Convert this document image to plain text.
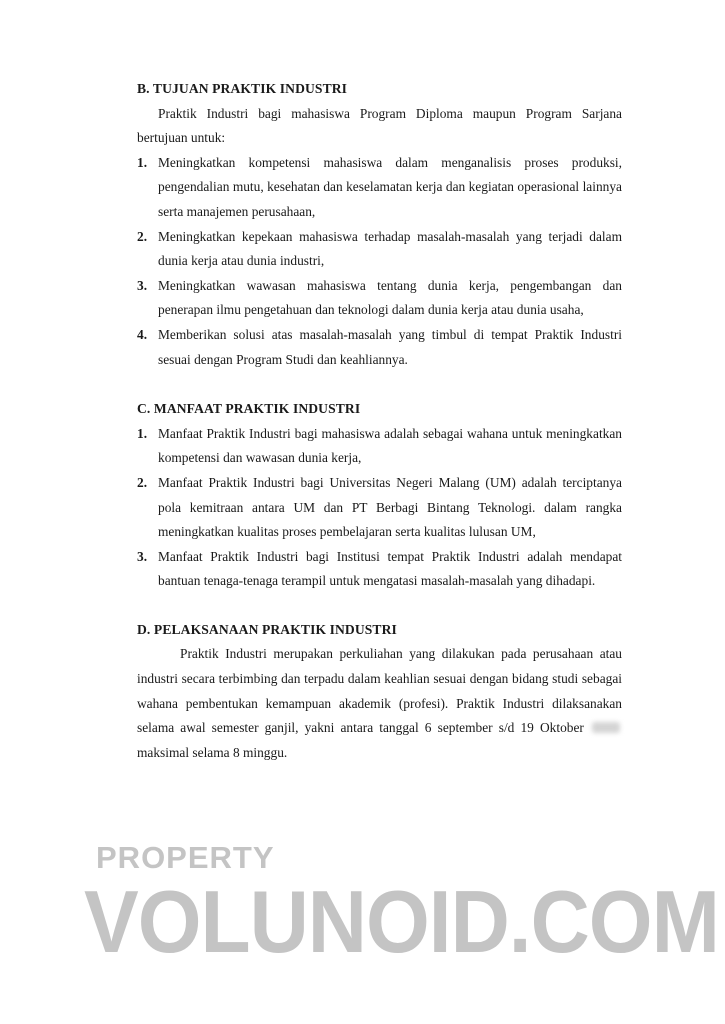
B. TUJUAN PRAKTIK INDUSTRI

Praktik Industri bagi mahasiswa Program Diploma maupun Program Sarjana bertujuan untuk:

1. Meningkatkan kompetensi mahasiswa dalam menganalisis proses produksi, pengendalian mutu, kesehatan dan keselamatan kerja dan kegiatan operasional lainnya serta manajemen perusahaan,
2. Meningkatkan kepekaan mahasiswa terhadap masalah-masalah yang terjadi dalam dunia kerja atau dunia industri,
3. Meningkatkan wawasan mahasiswa tentang dunia kerja, pengembangan dan penerapan ilmu pengetahuan dan teknologi dalam dunia kerja atau dunia usaha,
4. Memberikan solusi atas masalah-masalah yang timbul di tempat Praktik Industri sesuai dengan Program Studi dan keahliannya.
C. MANFAAT PRAKTIK INDUSTRI
1. Manfaat Praktik Industri bagi mahasiswa adalah sebagai wahana untuk meningkatkan kompetensi dan wawasan dunia kerja,
2. Manfaat Praktik Industri bagi Universitas Negeri Malang (UM) adalah terciptanya pola kemitraan antara UM dan PT Berbagi Bintang Teknologi. dalam rangka meningkatkan kualitas proses pembelajaran serta kualitas lulusan UM,
3. Manfaat Praktik Industri bagi Institusi tempat Praktik Industri adalah mendapat bantuan tenaga-tenaga terampil untuk mengatasi masalah-masalah yang dihadapi.
D. PELAKSANAAN PRAKTIK INDUSTRI

Praktik Industri merupakan perkuliahan yang dilakukan pada perusahaan atau industri secara terbimbing dan terpadu dalam keahlian sesuai dengan bidang studi sebagai wahana pembentukan kemampuan akademik (profesi). Praktik Industri dilaksanakan selama awal semester ganjil, yakni antara tanggal 6 september s/d 19 Oktober  maksimal selama 8 minggu.

PROPERTY
VOLUNOID.COM
